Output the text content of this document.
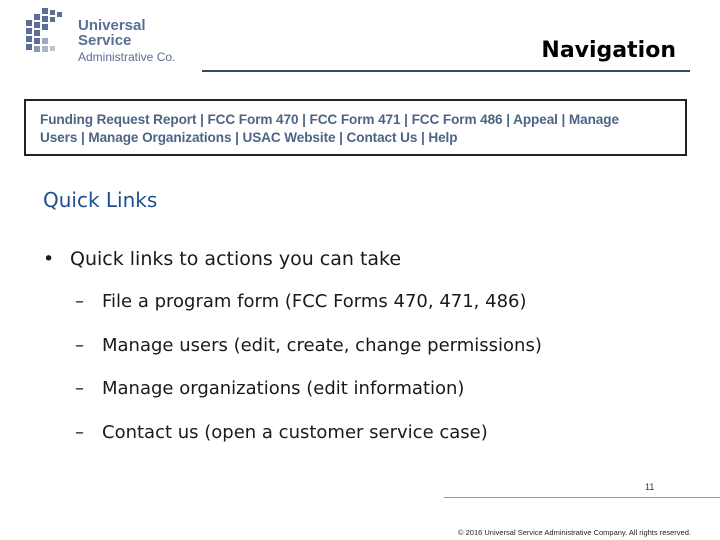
Universal Service
Administrative Co.	Navigation
Funding Request Report | FCC Form 470 | FCC Form 471 | FCC Form 486 | Appeal | Manage
Users | Manage Organizations | USAC Website | Contact Us | Help
Quick Links
• Quick links to actions you can take
– File a program form (FCC Forms 470, 471, 486)
– Manage users (edit, create, change permissions)
– Manage organizations (edit information)
– Contact us (open a customer service case)
11
© 2016 Universal Service Administrative Company. All rights reserved.
